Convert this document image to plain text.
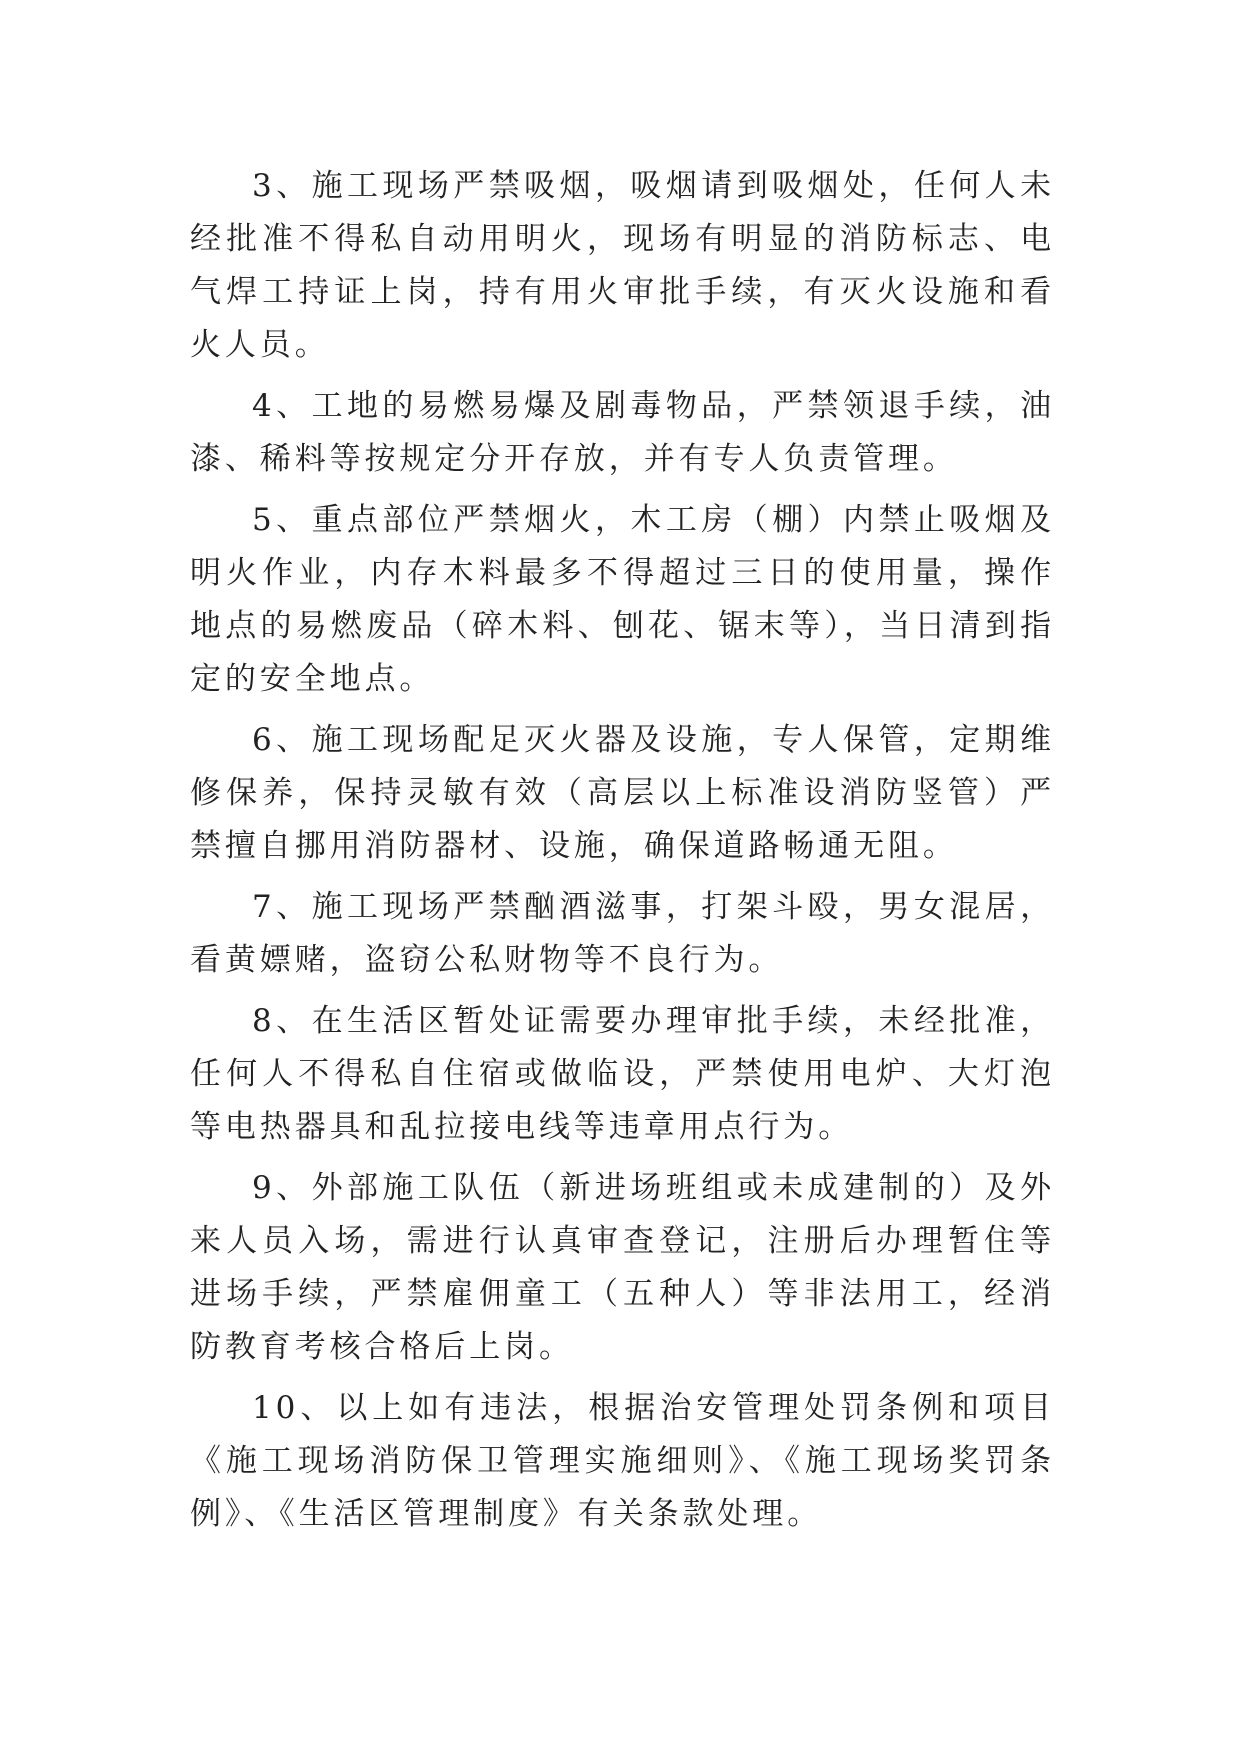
3、施工现场严禁吸烟，吸烟请到吸烟处，任何人未经批准不得私自动用明火，现场有明显的消防标志、电气焊工持证上岗，持有用火审批手续，有灭火设施和看火人员。

4、工地的易燃易爆及剧毒物品，严禁领退手续，油漆、稀料等按规定分开存放，并有专人负责管理。

5、重点部位严禁烟火，木工房（棚）内禁止吸烟及明火作业，内存木料最多不得超过三日的使用量，操作地点的易燃废品（碎木料、刨花、锯末等），当日清到指定的安全地点。

6、施工现场配足灭火器及设施，专人保管，定期维修保养，保持灵敏有效（高层以上标准设消防竖管）严禁擅自挪用消防器材、设施，确保道路畅通无阻。

7、施工现场严禁酗酒滋事，打架斗殴，男女混居，看黄嫖赌，盗窃公私财物等不良行为。

8、在生活区暂处证需要办理审批手续，未经批准，任何人不得私自住宿或做临设，严禁使用电炉、大灯泡等电热器具和乱拉接电线等违章用点行为。

9、外部施工队伍（新进场班组或未成建制的）及外来人员入场，需进行认真审查登记，注册后办理暂住等进场手续，严禁雇佣童工（五种人）等非法用工，经消防教育考核合格后上岗。

10、以上如有违法，根据治安管理处罚条例和项目《施工现场消防保卫管理实施细则》、《施工现场奖罚条例》、《生活区管理制度》有关条款处理。
